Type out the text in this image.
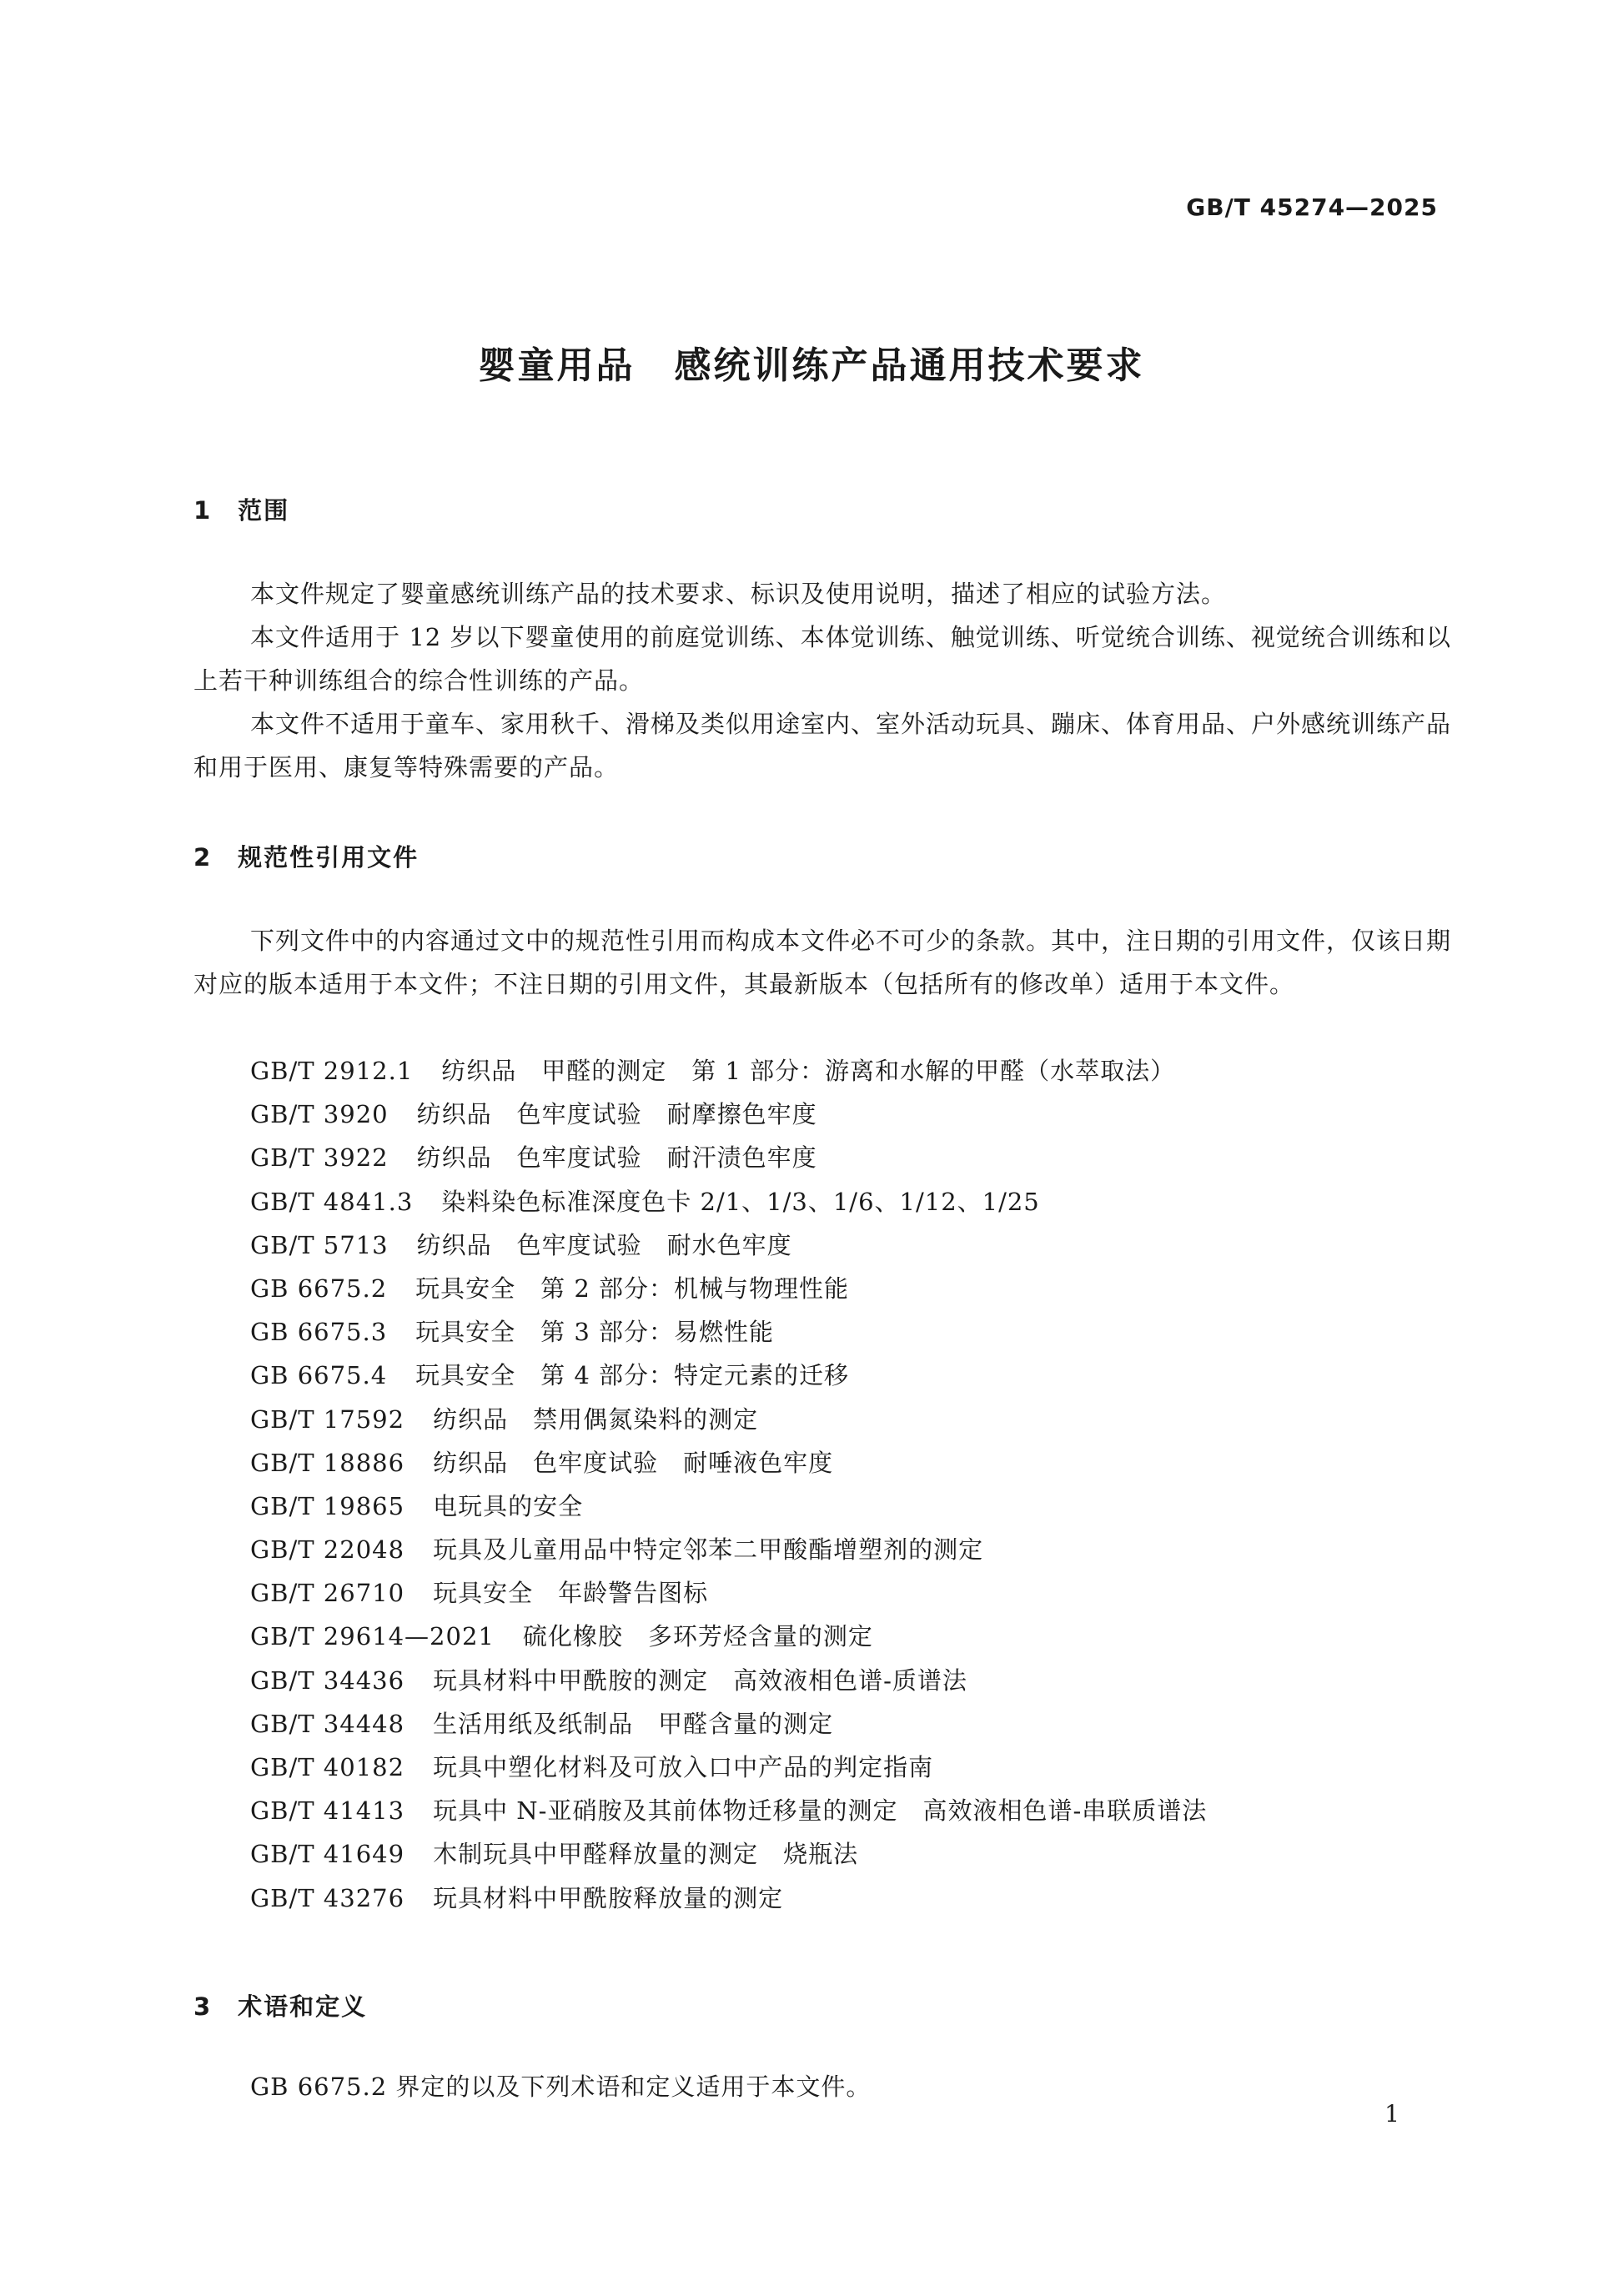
GB/T 45274—2025
婴童用品　感统训练产品通用技术要求
1　范围

本文件规定了婴童感统训练产品的技术要求、标识及使用说明，描述了相应的试验方法。

本文件适用于 12 岁以下婴童使用的前庭觉训练、本体觉训练、触觉训练、听觉统合训练、视觉统合训练和以上若干种训练组合的综合性训练的产品。

本文件不适用于童车、家用秋千、滑梯及类似用途室内、室外活动玩具、蹦床、体育用品、户外感统训练产品和用于医用、康复等特殊需要的产品。

2　规范性引用文件

下列文件中的内容通过文中的规范性引用而构成本文件必不可少的条款。其中，注日期的引用文件，仅该日期对应的版本适用于本文件；不注日期的引用文件，其最新版本（包括所有的修改单）适用于本文件。

GB/T 2912.1 纺织品　甲醛的测定　第 1 部分：游离和水解的甲醛（水萃取法）
GB/T 3920 纺织品　色牢度试验　耐摩擦色牢度
GB/T 3922 纺织品　色牢度试验　耐汗渍色牢度
GB/T 4841.3 染料染色标准深度色卡 2/1、1/3、1/6、1/12、1/25
GB/T 5713 纺织品　色牢度试验　耐水色牢度
GB 6675.2 玩具安全　第 2 部分：机械与物理性能
GB 6675.3 玩具安全　第 3 部分：易燃性能
GB 6675.4 玩具安全　第 4 部分：特定元素的迁移
GB/T 17592 纺织品　禁用偶氮染料的测定
GB/T 18886 纺织品　色牢度试验　耐唾液色牢度
GB/T 19865 电玩具的安全
GB/T 22048 玩具及儿童用品中特定邻苯二甲酸酯增塑剂的测定
GB/T 26710 玩具安全　年龄警告图标
GB/T 29614—2021 硫化橡胶　多环芳烃含量的测定
GB/T 34436 玩具材料中甲酰胺的测定　高效液相色谱-质谱法
GB/T 34448 生活用纸及纸制品　甲醛含量的测定
GB/T 40182 玩具中塑化材料及可放入口中产品的判定指南
GB/T 41413 玩具中 N-亚硝胺及其前体物迁移量的测定　高效液相色谱-串联质谱法
GB/T 41649 木制玩具中甲醛释放量的测定　烧瓶法
GB/T 43276 玩具材料中甲酰胺释放量的测定
3　术语和定义

GB 6675.2 界定的以及下列术语和定义适用于本文件。

1
